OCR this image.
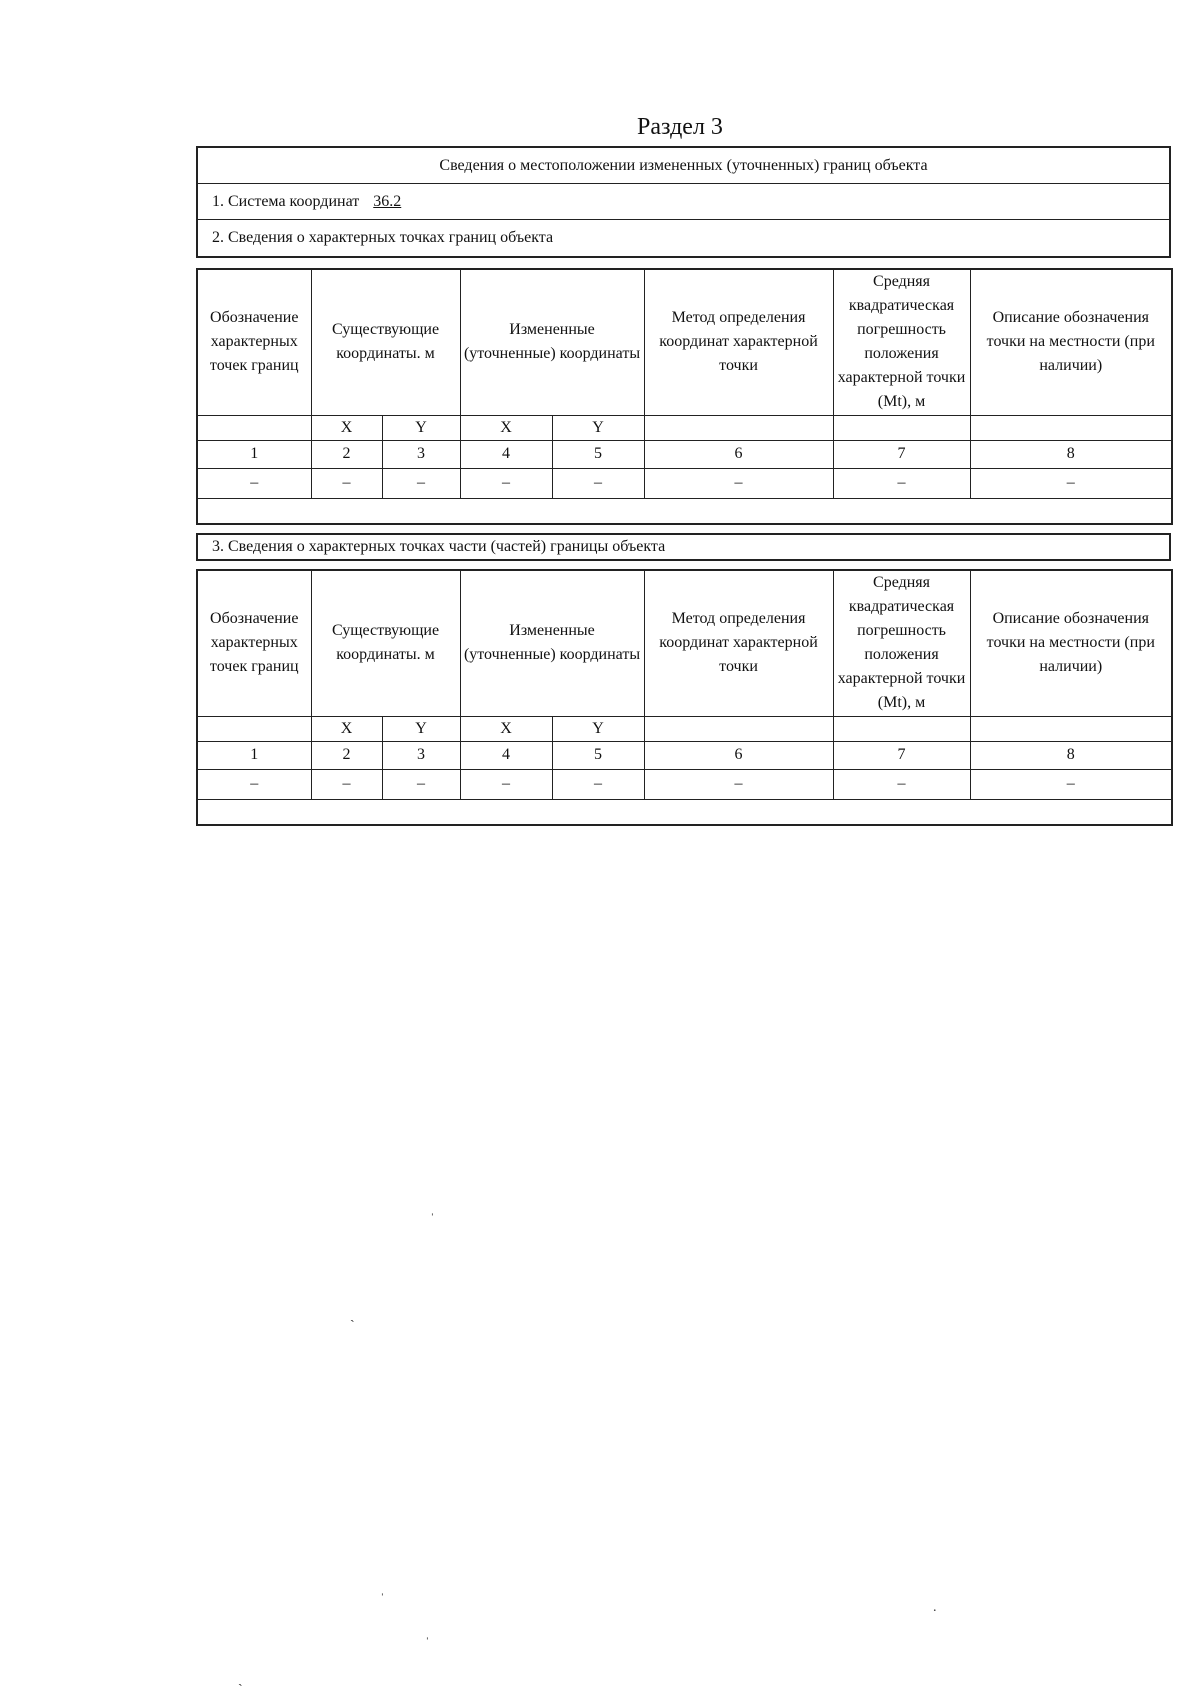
Раздел 3
Сведения о местоположении измененных (уточненных) границ объекта
1. Система координат 36.2
2. Сведения о характерных точках границ объекта
Обозначение характерных точек границ	Существующие координаты. м		Измененные (уточненные) координаты		Метод определения координат характерной точки	Средняя квадратическая погрешность положения характерной точки (Mt), м	Описание обозначения точки на местности (при наличии)
	X	Y	X	Y			
1	2	3	4	5	6	7	8
–	–	–	–	–	–	–	–

3. Сведения о характерных точках части (частей) границы объекта
Обозначение характерных точек границ	Существующие координаты. м		Измененные (уточненные) координаты		Метод определения координат характерной точки	Средняя квадратическая погрешность положения характерной точки (Mt), м	Описание обозначения точки на местности (при наличии)
	X	Y	X	Y			
1	2	3	4	5	6	7	8
–	–	–	–	–	–	–	–

ˈ
ˏ
ˈ
ˈ
ˎ
.
